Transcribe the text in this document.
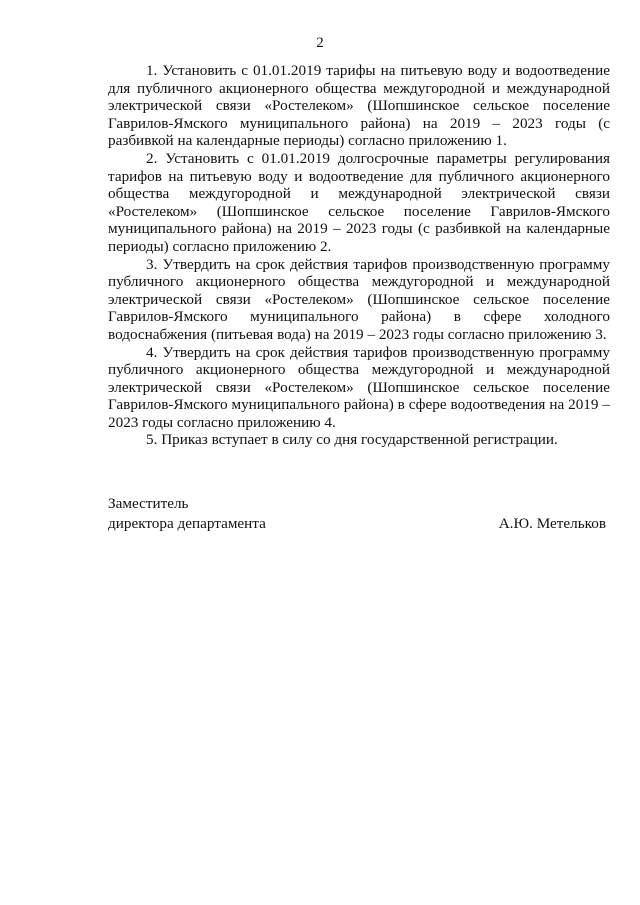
2

1. Установить с 01.01.2019 тарифы на питьевую воду и водоотведение для публичного акционерного общества междугородной и международной электрической связи «Ростелеком» (Шопшинское сельское поселение Гаврилов-Ямского муниципального района) на 2019 – 2023 годы (с разбивкой на календарные периоды) согласно приложению 1.

2. Установить с 01.01.2019 долгосрочные параметры регулирования тарифов на питьевую воду и водоотведение для публичного акционерного общества междугородной и международной электрической связи «Ростелеком» (Шопшинское сельское поселение Гаврилов-Ямского муниципального района) на 2019 – 2023 годы (с разбивкой на календарные периоды) согласно приложению 2.

3. Утвердить на срок действия тарифов производственную программу публичного акционерного общества междугородной и международной электрической связи «Ростелеком» (Шопшинское сельское поселение Гаврилов-Ямского муниципального района) в сфере холодного водоснабжения (питьевая вода) на 2019 – 2023 годы согласно приложению 3.

4. Утвердить на срок действия тарифов производственную программу публичного акционерного общества междугородной и международной электрической связи «Ростелеком» (Шопшинское сельское поселение Гаврилов-Ямского муниципального района) в сфере водоотведения на 2019 – 2023 годы согласно приложению 4.

5. Приказ вступает в силу со дня государственной регистрации.

Заместитель
директора департамента	А.Ю. Метельков
